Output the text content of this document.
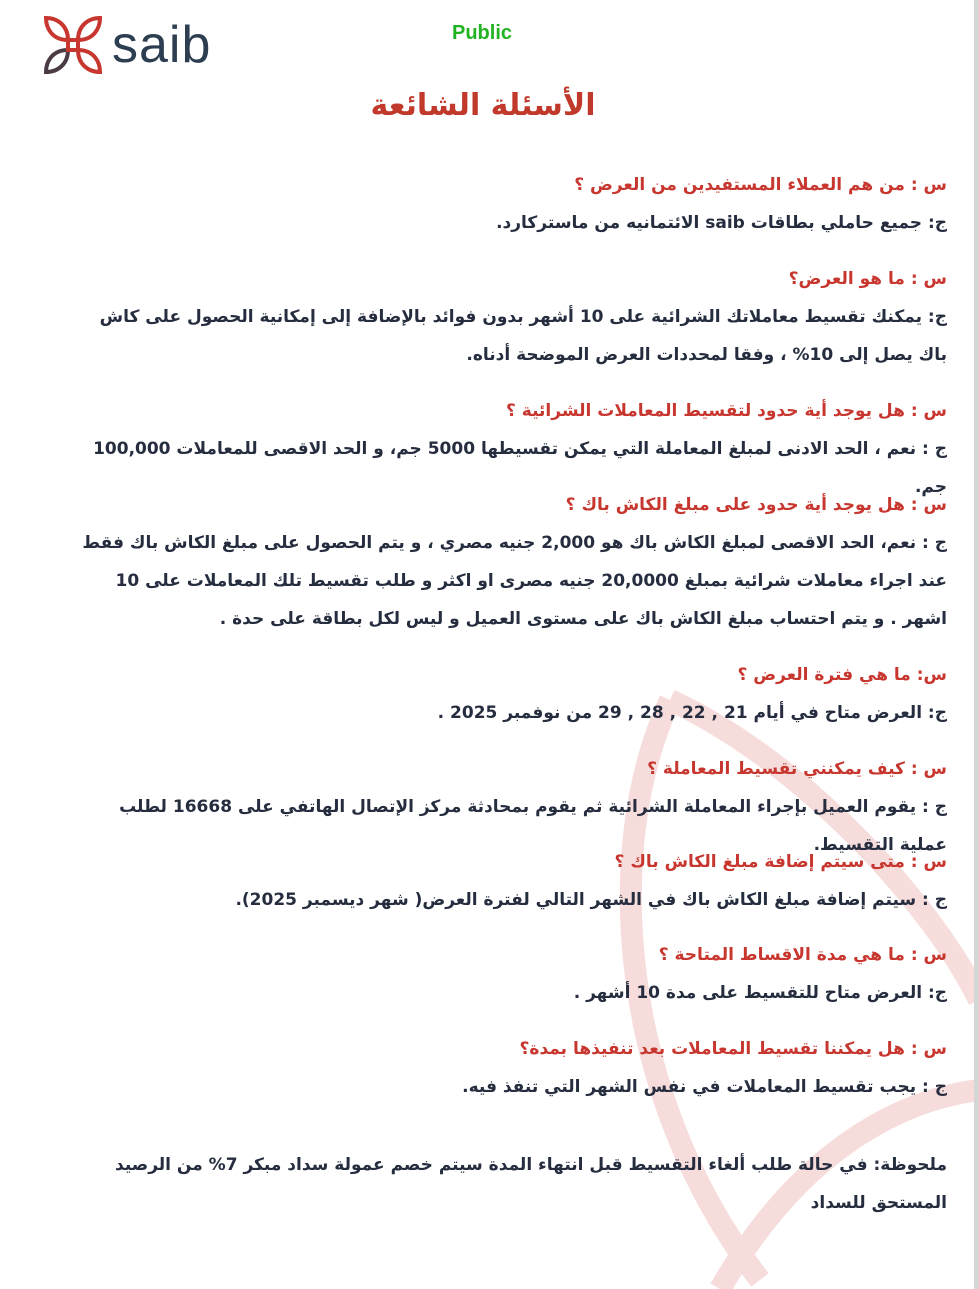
saib	Public
الأسئلة الشائعة
س : من هم العملاء المستفيدين من العرض ؟
ج: جميع حاملي بطاقات saib الائتمانيه من ماستركارد.
س : ما هو العرض؟
ج: يمكنك تقسيط معاملاتك الشرائية على 10 أشهر بدون فوائد بالإضافة إلى إمكانية الحصول على كاش باك يصل إلى 10% ، وفقا لمحددات العرض الموضحة أدناه.
س : هل يوجد أية حدود لتقسيط المعاملات الشرائية ؟
ج : نعم ، الحد الادنى لمبلغ المعاملة التي يمكن تقسيطها 5000 جم، و الحد الاقصى للمعاملات 100,000 جم.
س : هل يوجد أية حدود على مبلغ الكاش باك ؟
ج : نعم، الحد الاقصى لمبلغ الكاش باك هو 2,000 جنيه مصري ، و يتم الحصول على مبلغ الكاش باك فقط عند اجراء معاملات شرائية بمبلغ 20,0000 جنيه مصرى او اكثر و طلب تقسيط تلك المعاملات على 10 اشهر . و يتم احتساب مبلغ الكاش باك على مستوى العميل و ليس لكل بطاقة على حدة .
س: ما هي فترة العرض ؟
ج: العرض متاح في أيام 21 , 22 , 28 , 29 من نوفمبر 2025 .
س : كيف يمكنني تقسيط المعاملة ؟
ج : يقوم العميل بإجراء المعاملة الشرائية ثم يقوم بمحادثة مركز الإتصال الهاتفي على 16668 لطلب عملية التقسيط.
س : متى سيتم إضافة مبلغ الكاش باك ؟
ج : سيتم إضافة مبلغ الكاش باك في الشهر التالي لفترة العرض( شهر ديسمبر 2025).
س : ما هي مدة الاقساط المتاحة ؟
ج: العرض متاح للتقسيط على مدة 10 أشهر .
س : هل يمكننا تقسيط المعاملات بعد تنفيذها بمدة؟
ج : يجب تقسيط المعاملات في نفس الشهر التي تنفذ فيه.
ملحوظة: في حالة طلب ألغاء التقسيط قبل انتهاء المدة سيتم خصم عمولة سداد مبكر 7% من الرصيد المستحق للسداد
